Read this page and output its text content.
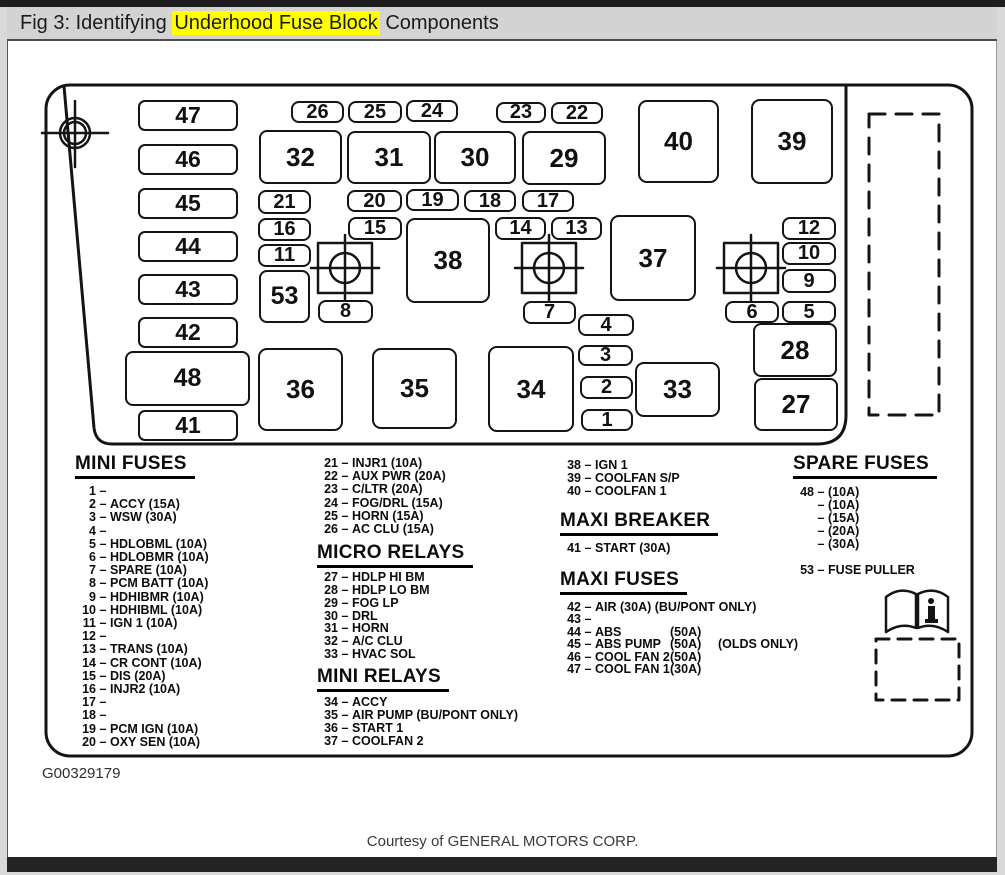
Fig 3: Identifying Underhood Fuse Block Components
47
46
45
44
43
42
48
41
26	25	24	23	22
40	39
32	31	30	29
21	20	19	18	17
16	15	14	13	12
11	38	10
53
9
8	7
37
6	5
28
27
4
3
2
1
34	33
36	35
MINI FUSES
1 –
2 – ACCY (15A)
3 – WSW (30A)
4 –
5 – HDLOBML (10A)
6 – HDLOBMR (10A)
7 – SPARE (10A)
8 – PCM BATT (10A)
9 – HDHIBMR (10A)
10 – HDHIBML (10A)
11 – IGN 1 (10A)
12 –
13 – TRANS (10A)
14 – CR CONT (10A)
15 – DIS (20A)
16 – INJR2 (10A)
17 –
18 –
19 – PCM IGN (10A)
20 – OXY SEN (10A)
21 – INJR1 (10A)
22 – AUX PWR (20A)
23 – C/LTR (20A)
24 – FOG/DRL (15A)
25 – HORN (15A)
26 – AC CLU (15A)
MICRO RELAYS
27 – HDLP HI BM
28 – HDLP LO BM
29 – FOG LP
30 – DRL
31 – HORN
32 – A/C CLU
33 – HVAC SOL
MINI RELAYS
34 – ACCY
35 – AIR PUMP (BU/PONT ONLY)
36 – START 1
37 – COOLFAN 2
38 – IGN 1
39 – COOLFAN S/P
40 – COOLFAN 1
MAXI BREAKER
41 – START (30A)
MAXI FUSES
42 – AIR (30A) (BU/PONT ONLY)
43 –
44 – ABS	(50A)
45 – ABS PUMP (50A) (OLDS ONLY)
46 – COOL FAN 2(50A)
47 – COOL FAN 1(30A)
SPARE FUSES
48 – (10A)
– (10A)
– (15A)
– (20A)
– (30A)
53 – FUSE PULLER
G00329179
Courtesy of GENERAL MOTORS CORP.
